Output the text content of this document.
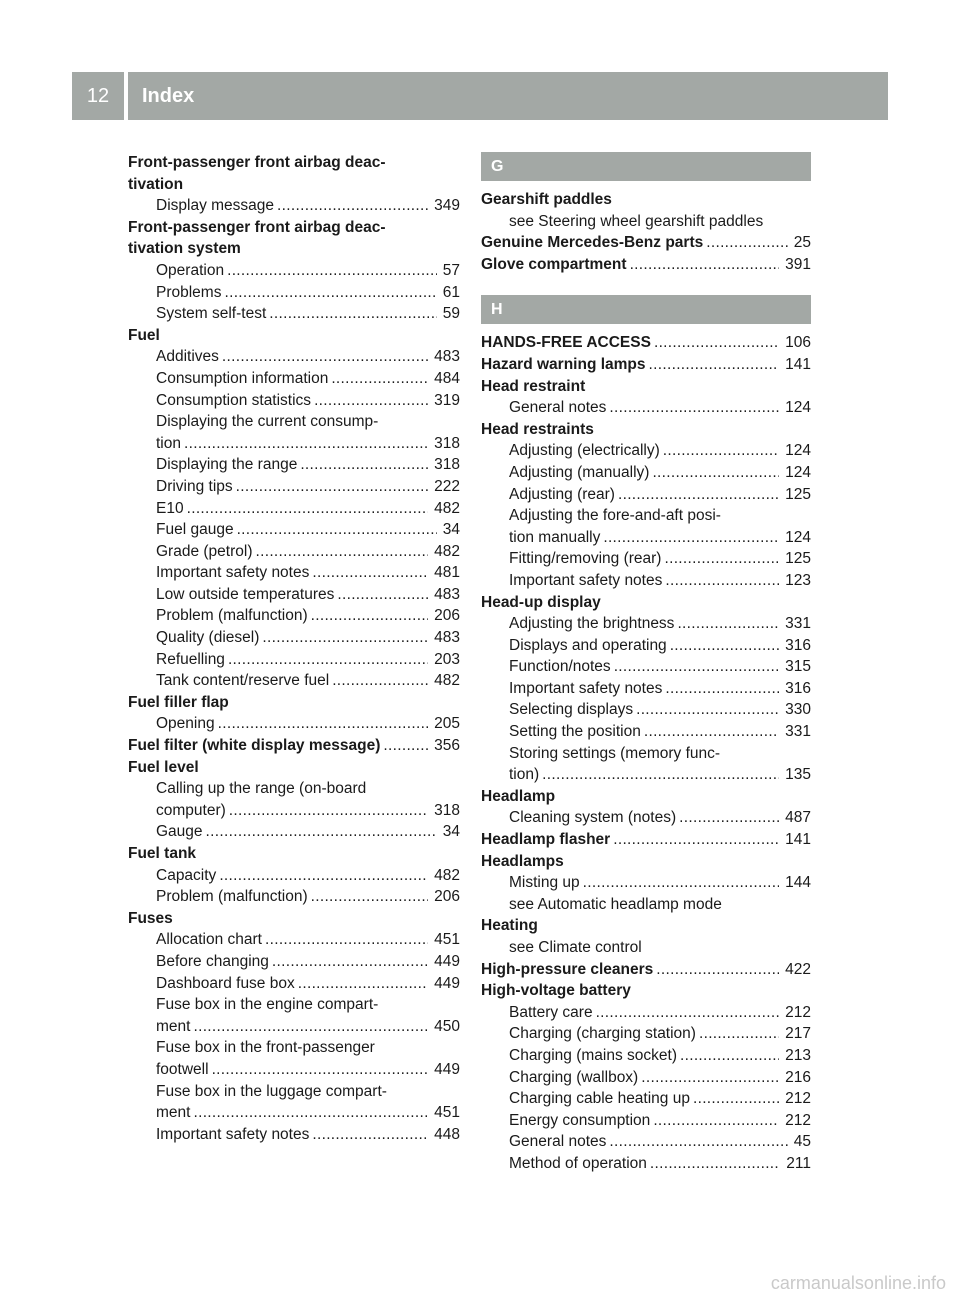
12	Index
Front-passenger front airbag deac-
tivation
Display message . . .	349
Front-passenger front airbag deac-
tivation system
Operation . . .	57
Problems . . .	61
System self-test . . .	59
Fuel
Additives . . .	483
Consumption information . . .	484
Consumption statistics . . .	319
Displaying the current consump-
tion . . .	318
Displaying the range . . .	318
Driving tips . . .	222
E10 . . .	482
Fuel gauge . . .	34
Grade (petrol) . . .	482
Important safety notes . . .	481
Low outside temperatures . . .	483
Problem (malfunction) . . .	206
Quality (diesel) . . .	483
Refuelling . . .	203
Tank content/reserve fuel . . .	482
Fuel filler flap
Opening . . .	205
Fuel filter (white display message) . . .	356
Fuel level
Calling up the range (on-board
computer) . . .	318
Gauge . . .	34
Fuel tank
Capacity . . .	482
Problem (malfunction) . . .	206
Fuses
Allocation chart . . .	451
Before changing . . .	449
Dashboard fuse box . . .	449
Fuse box in the engine compart-
ment . . .	450
Fuse box in the front-passenger
footwell . . .	449
Fuse box in the luggage compart-
ment . . .	451
Important safety notes . . .	448
G
Gearshift paddles
see Steering wheel gearshift paddles
Genuine Mercedes-Benz parts . . .	25
Glove compartment . . .	391
H
HANDS-FREE ACCESS . . .	106
Hazard warning lamps . . .	141
Head restraint
General notes . . .	124
Head restraints
Adjusting (electrically) . . .	124
Adjusting (manually) . . .	124
Adjusting (rear) . . .	125
Adjusting the fore-and-aft posi-
tion manually . . .	124
Fitting/removing (rear) . . .	125
Important safety notes . . .	123
Head-up display
Adjusting the brightness . . .	331
Displays and operating . . .	316
Function/notes . . .	315
Important safety notes . . .	316
Selecting displays . . .	330
Setting the position . . .	331
Storing settings (memory func-
tion) . . .	135
Headlamp
Cleaning system (notes) . . .	487
Headlamp flasher . . .	141
Headlamps
Misting up . . .	144
see Automatic headlamp mode
Heating
see Climate control
High-pressure cleaners . . .	422
High-voltage battery
Battery care . . .	212
Charging (charging station) . . .	217
Charging (mains socket) . . .	213
Charging (wallbox) . . .	216
Charging cable heating up . . .	212
Energy consumption . . .	212
General notes . . .	45
Method of operation . . .	211
carmanualsonline.info
